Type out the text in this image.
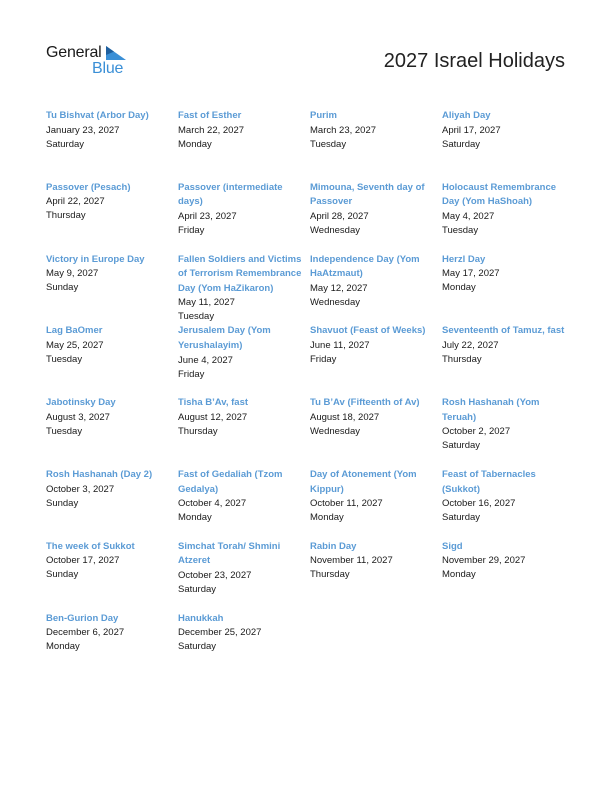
General
Blue	2027 Israel Holidays
Tu Bishvat (Arbor Day)
January 23, 2027
Saturday
Fast of Esther
March 22, 2027
Monday
Purim
March 23, 2027
Tuesday
Aliyah Day
April 17, 2027
Saturday
Passover (Pesach)
April 22, 2027
Thursday
Passover (intermediate days)
April 23, 2027
Friday
Mimouna, Seventh day of Passover
April 28, 2027
Wednesday
Holocaust Remembrance Day (Yom HaShoah)
May 4, 2027
Tuesday
Victory in Europe Day
May 9, 2027
Sunday
Fallen Soldiers and Victims of Terrorism Remembrance Day (Yom HaZikaron)
May 11, 2027
Tuesday
Independence Day (Yom HaAtzmaut)
May 12, 2027
Wednesday
Herzl Day
May 17, 2027
Monday
Lag BaOmer
May 25, 2027
Tuesday
Jerusalem Day (Yom Yerushalayim)
June 4, 2027
Friday
Shavuot (Feast of Weeks)
June 11, 2027
Friday
Seventeenth of Tamuz, fast
July 22, 2027
Thursday
Jabotinsky Day
August 3, 2027
Tuesday
Tisha B’Av, fast
August 12, 2027
Thursday
Tu B’Av (Fifteenth of Av)
August 18, 2027
Wednesday
Rosh Hashanah (Yom Teruah)
October 2, 2027
Saturday
Rosh Hashanah (Day 2)
October 3, 2027
Sunday
Fast of Gedaliah (Tzom Gedalya)
October 4, 2027
Monday
Day of Atonement (Yom Kippur)
October 11, 2027
Monday
Feast of Tabernacles (Sukkot)
October 16, 2027
Saturday
The week of Sukkot
October 17, 2027
Sunday
Simchat Torah/ Shmini Atzeret
October 23, 2027
Saturday
Rabin Day
November 11, 2027
Thursday
Sigd
November 29, 2027
Monday
Ben-Gurion Day
December 6, 2027
Monday
Hanukkah
December 25, 2027
Saturday
